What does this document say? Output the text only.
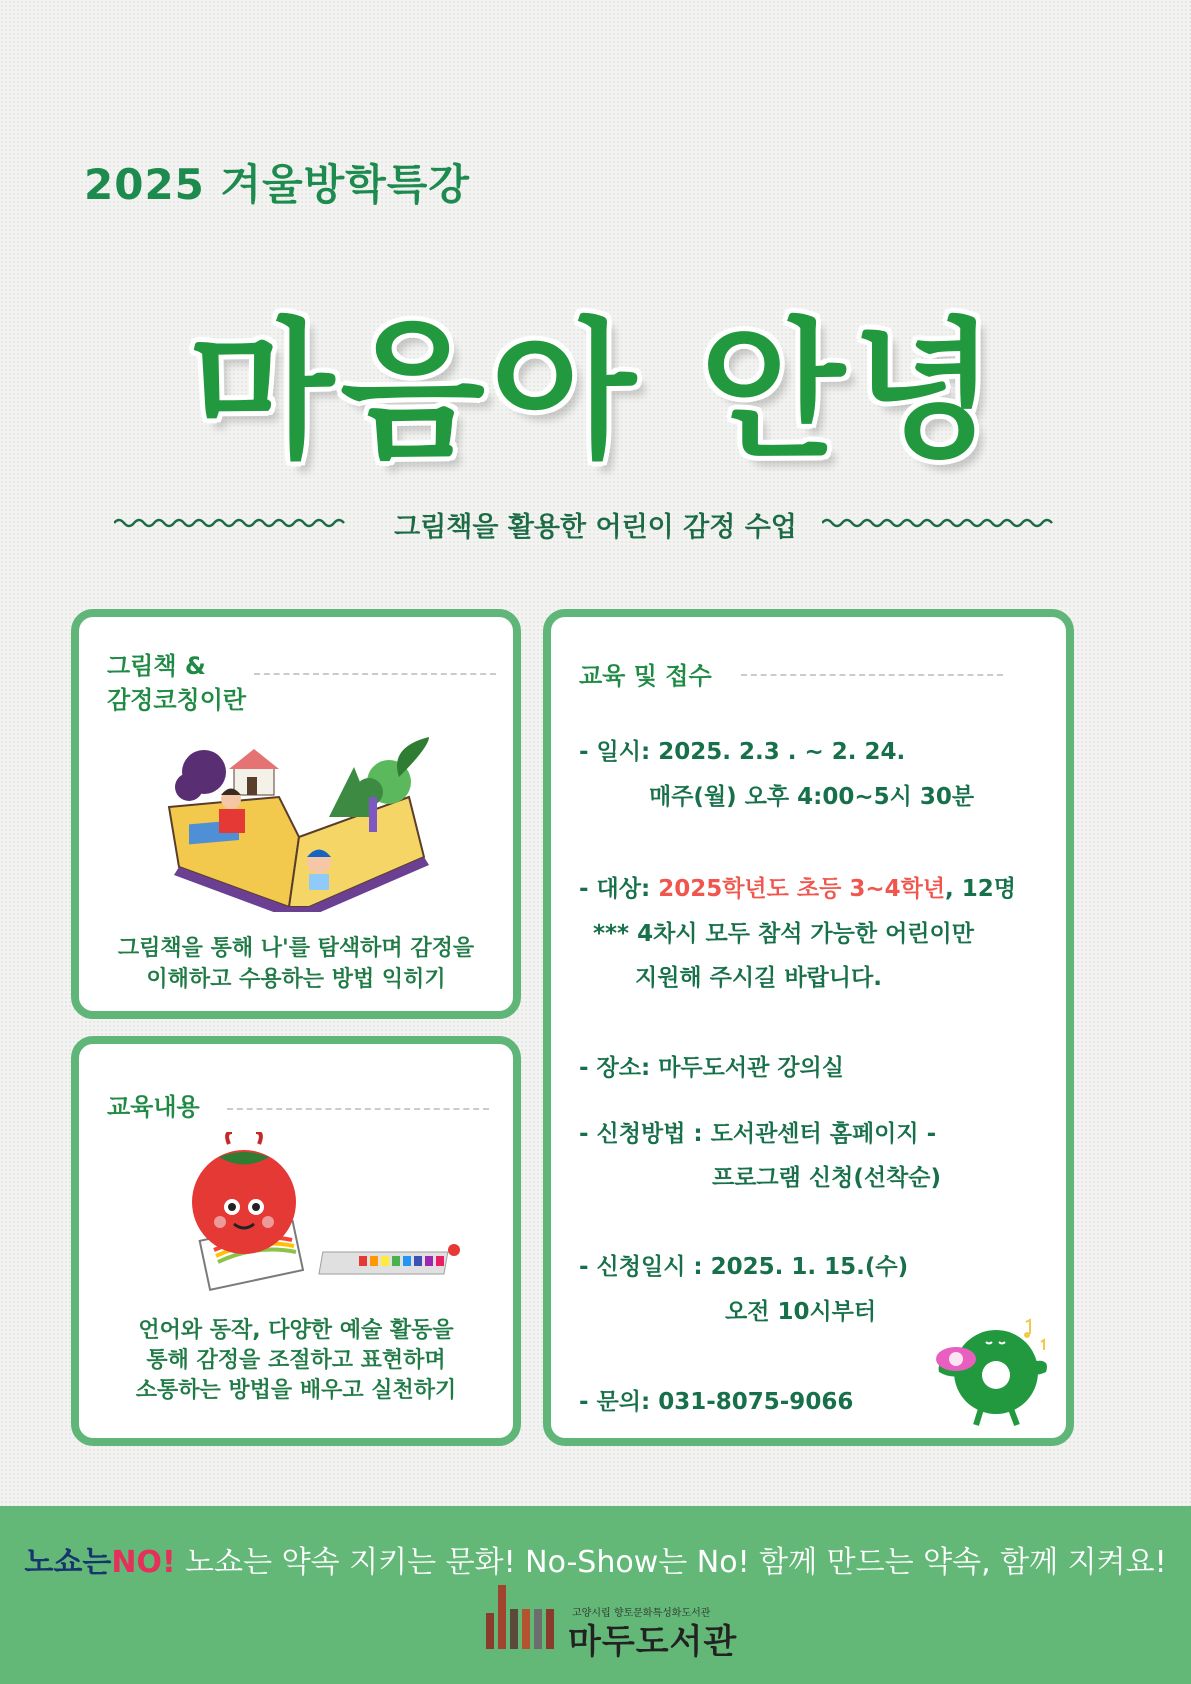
2025 겨울방학특강
마음아 안녕
그림책을 활용한 어린이 감정 수업
그림책 &
감정코칭이란
그림책을 통해 나'를 탐색하며 감정을
이해하고 수용하는 방법 익히기
교육내용
언어와 동작, 다양한 예술 활동을
통해 감정을 조절하고 표현하며
소통하는 방법을 배우고 실천하기
교육 및 접수
- 일시: 2025. 2.3 . ~ 2. 24.
매주(월) 오후 4:00~5시 30분
- 대상: 2025학년도 초등 3~4학년, 12명
*** 4차시 모두 참석 가능한 어린이만
지원해 주시길 바랍니다.
- 장소: 마두도서관 강의실
- 신청방법 : 도서관센터 홈페이지 -
프로그램 신청(선착순)
- 신청일시 : 2025. 1. 15.(수)
오전 10시부터
- 문의: 031-8075-9066
노쇼는NO! 노쇼는 약속 지키는 문화! No-Show는 No! 함께 만드는 약속, 함께 지켜요!
고양시립 향토문화특성화도서관
마두도서관
